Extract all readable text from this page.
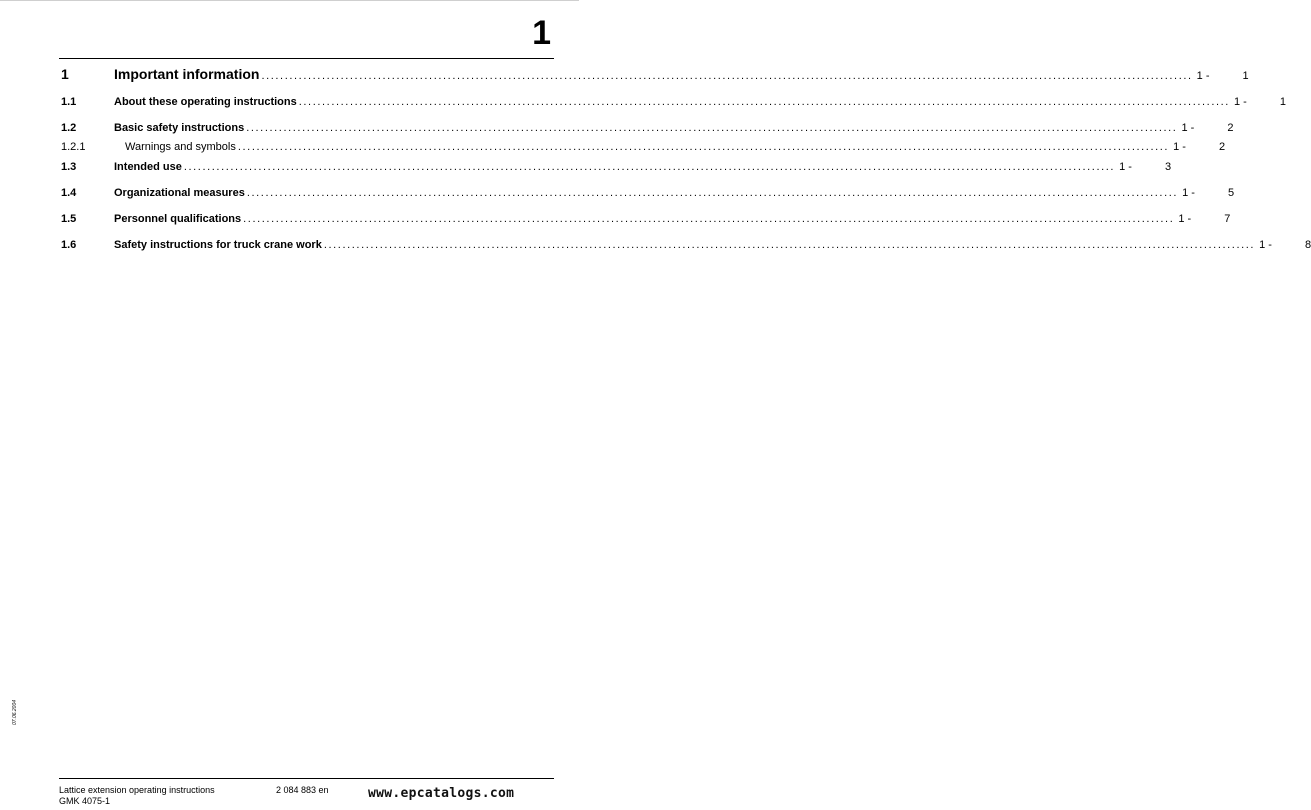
1
1	Important information ........................................................................................................................................................................................................ 1 -	1
1.1	About these operating instructions ........................................................................................................................................................................................................ 1 -	1
1.2	Basic safety instructions ........................................................................................................................................................................................................ 1 -	2
1.2.1	Warnings and symbols ........................................................................................................................................................................................................ 1 -	2
1.3	Intended use ........................................................................................................................................................................................................ 1 -	3
1.4	Organizational measures ........................................................................................................................................................................................................ 1 -	5
1.5	Personnel qualifications ........................................................................................................................................................................................................ 1 -	7
1.6	Safety instructions for truck crane work ........................................................................................................................................................................................................ 1 -	8
07.06.2004
Lattice extension operating instructions
GMK 4075-1
2 084 883 en	www.epcatalogs.com
